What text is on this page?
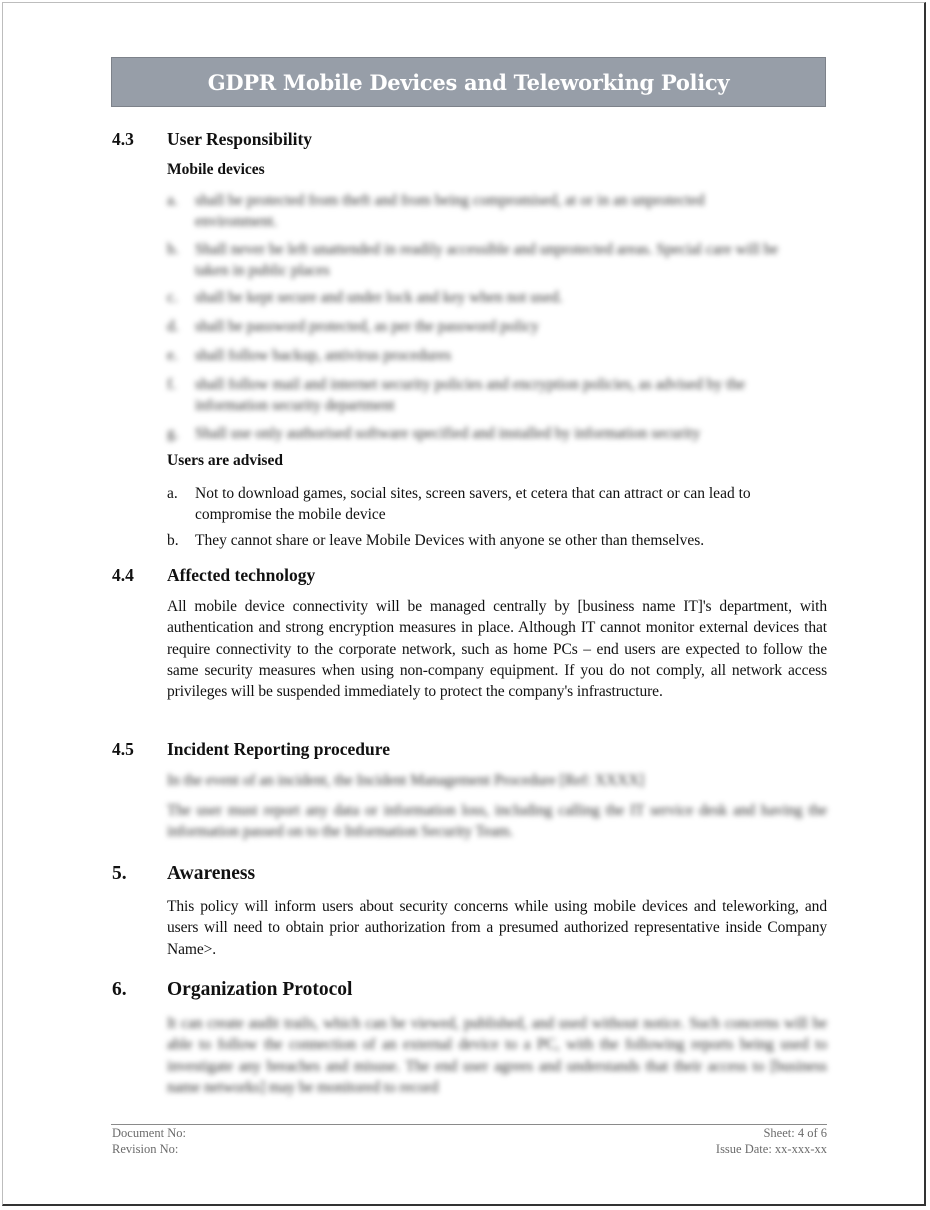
GDPR Mobile Devices and Teleworking Policy
4.3 User Responsibility
Mobile devices
a. shall be protected from theft and from being compromised, at or in an unprotected environment.
b. Shall never be left unattended in readily accessible and unprotected areas. Special care will be taken in public places
c. shall be kept secure and under lock and key when not used.
d. shall be password protected, as per the password policy
e. shall follow backup, antivirus procedures
f. shall follow mail and internet security policies and encryption policies, as advised by the information security department
g. Shall use only authorised software specified and installed by information security
Users are advised
a. Not to download games, social sites, screen savers, et cetera that can attract or can lead to compromise the mobile device
b. They cannot share or leave Mobile Devices with anyone se other than themselves.
4.4 Affected technology
All mobile device connectivity will be managed centrally by [business name IT]'s department, with authentication and strong encryption measures in place. Although IT cannot monitor external devices that require connectivity to the corporate network, such as home PCs – end users are expected to follow the same security measures when using non-company equipment. If you do not comply, all network access privileges will be suspended immediately to protect the company's infrastructure.
4.5 Incident Reporting procedure
In the event of an incident, the Incident Management Procedure [Ref: XXXX]
The user must report any data or information loss, including calling the IT service desk and having the information passed on to the Information Security Team.
5. Awareness
This policy will inform users about security concerns while using mobile devices and teleworking, and users will need to obtain prior authorization from a presumed authorized representative inside Company Name>.
6. Organization Protocol
It can create audit trails, which can be viewed, published, and used without notice. Such concerns will be able to follow the connection of an external device to a PC, with the following reports being used to investigate any breaches and misuse. The end user agrees and understands that their access to [business name networks] may be monitored to record
Document No:
Revision No:
Sheet: 4 of 6
Issue Date: xx-xxx-xx
